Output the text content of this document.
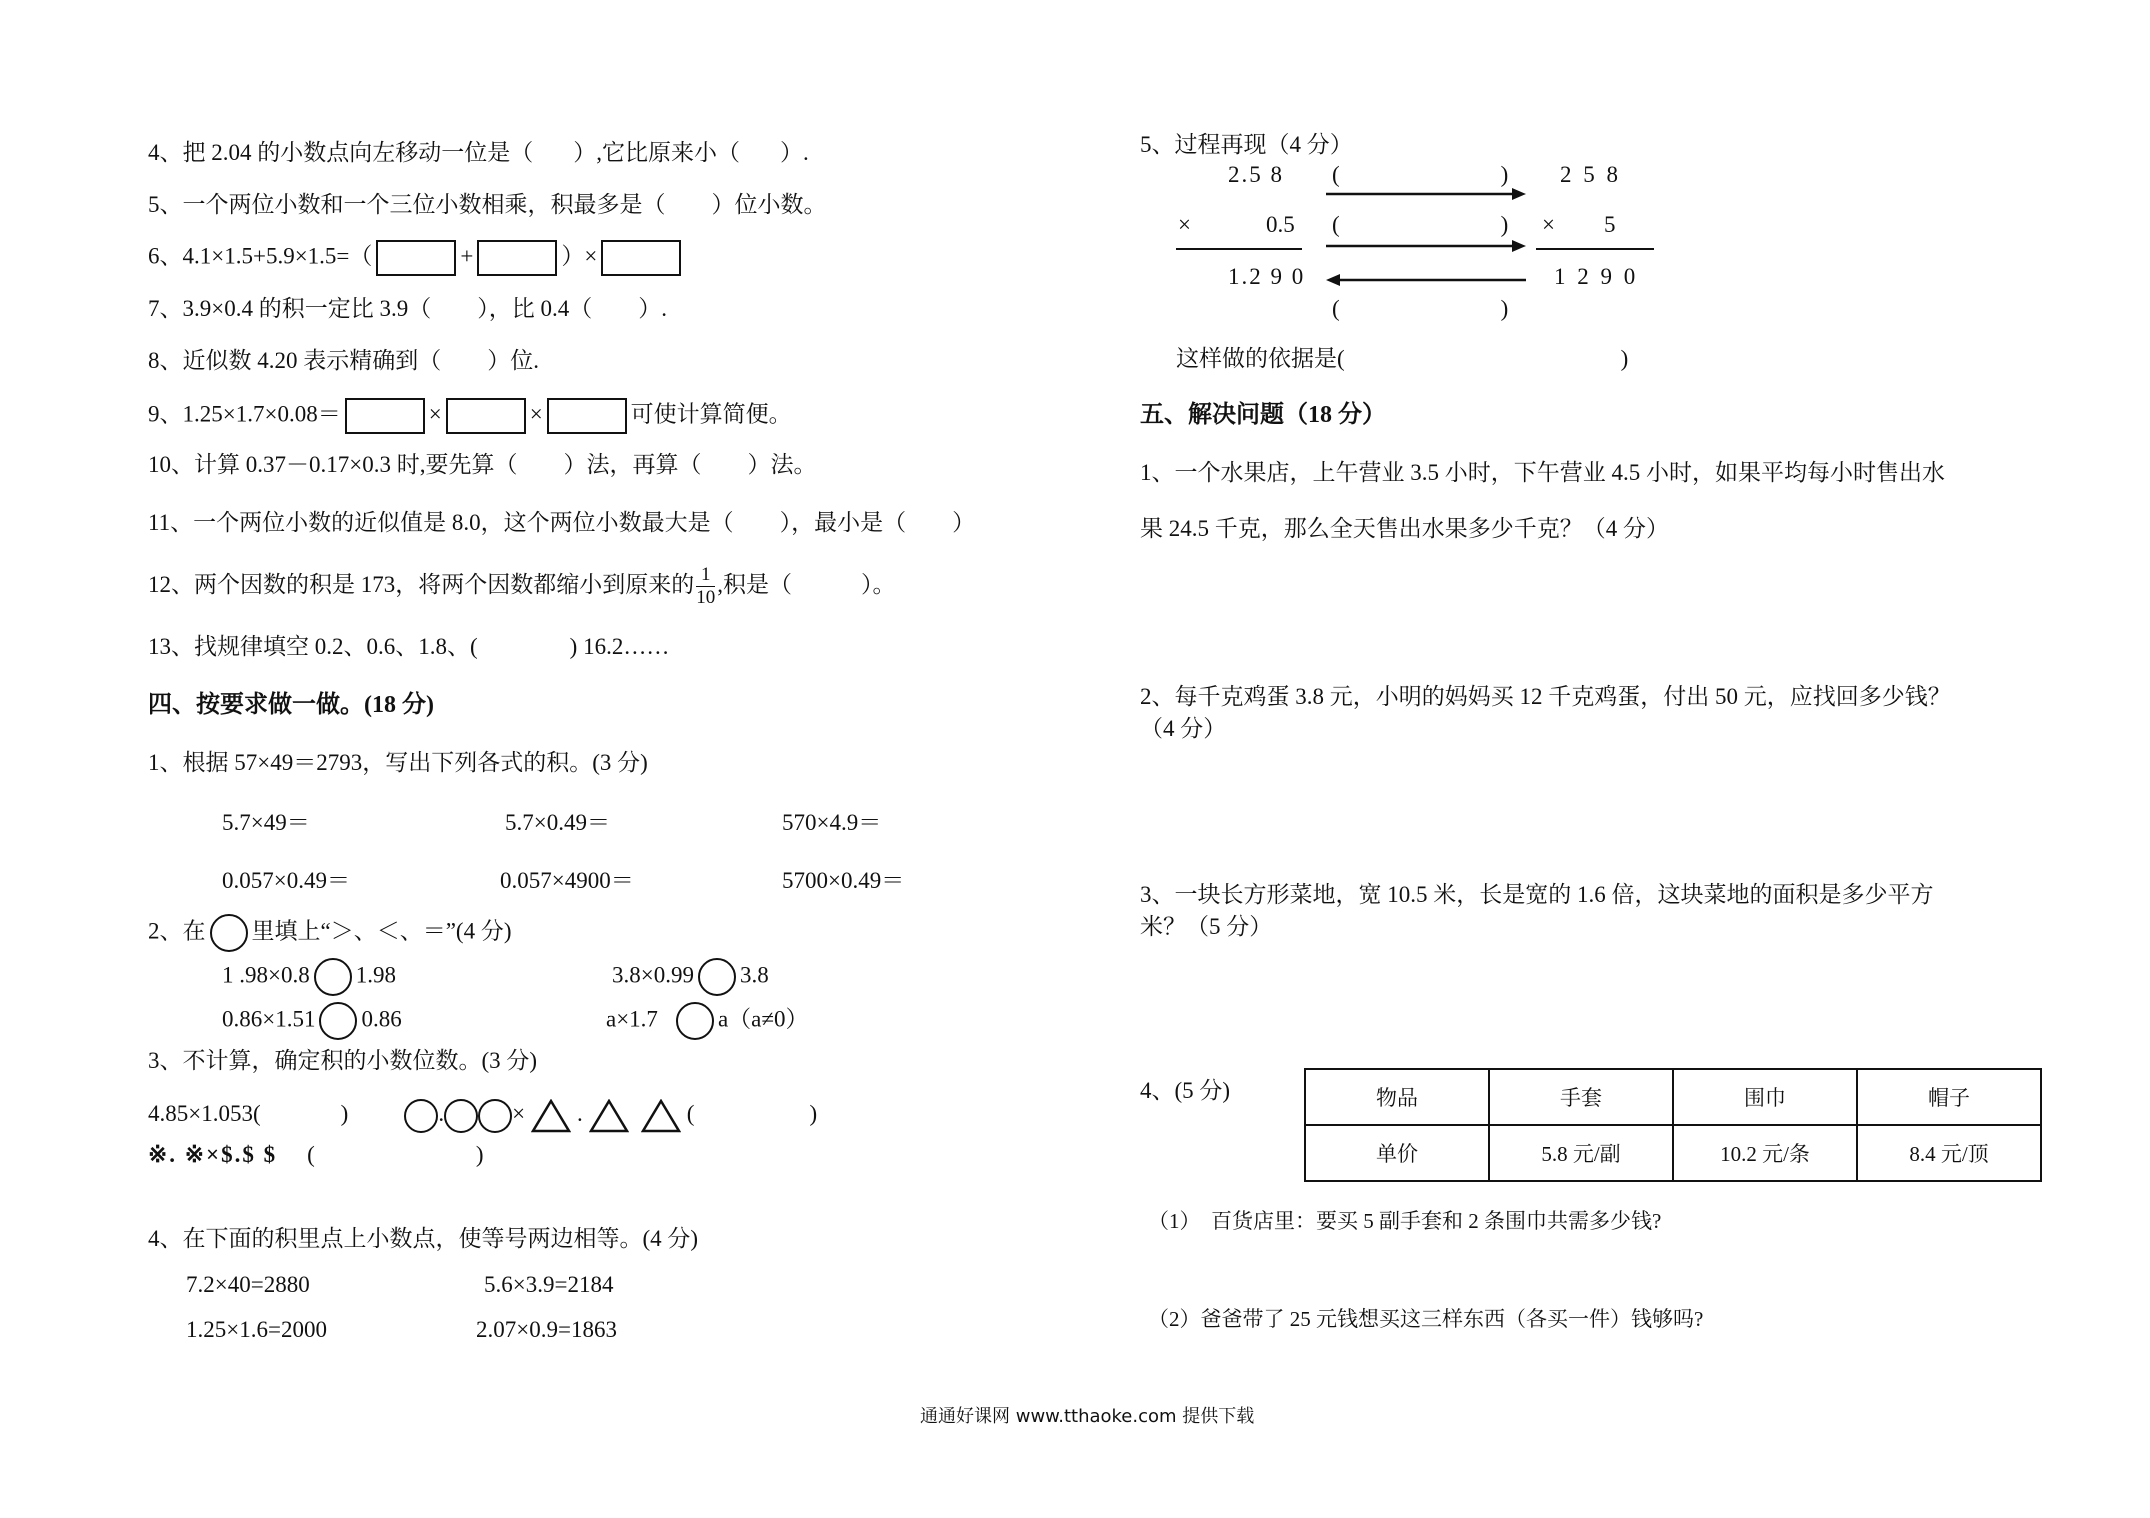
4、把 2.04 的小数点向左移动一位是（ ）,它比原来小（ ）.
5、一个两位小数和一个三位小数相乘，积最多是（　　）位小数。
6、4.1×1.5+5.9×1.5=（	+	）×
7、3.9×0.4 的积一定比 3.9（　　），比 0.4（　　）.
8、近似数 4.20 表示精确到（　　）位.
9、1.25×1.7×0.08＝	×	×	可使计算简便。
10、计算 0.37－0.17×0.3 时,要先算（　　）法，再算（　　）法。
11、一个两位小数的近似值是 8.0，这个两位小数最大是（　　），最小是（　　）
12、两个因数的积是 173，将两个因数都缩小到原来的 $\frac{1}{10}$ ,积是（　　　）。
13、找规律填空 0.2、0.6、1.8、(　　　　) 16.2……
四、按要求做一做。(18 分)
1、根据 57×49＝2793，写出下列各式的积。(3 分)
5.7×49＝	5.7×0.49＝	570×4.9＝
0.057×0.49＝	0.057×4900＝	5700×0.49＝
2、在 里填上“＞、＜、＝”(4 分)
1 .98×0.8 1.98	3.8×0.99 3.8
0.86×1.51 0.86	a×1.7	a（a≠0）
3、不计算，确定积的小数位数。(3 分)
4.85×1.053(	)	.	× .	(　　　　　)
※. ※×$.$ $ (　　　　　　　)
4、在下面的积里点上小数点，使等号两边相等。(4 分)
7.2×40=2880	5.6×3.9=2184
1.25×1.6=2000	2.07×0.9=1863
5、过程再现（4 分）
2.5 8
×	0.5
1.2 9 0
(　　　　　　　)
(　　　　　　　)
(　　　　　　　)
2 5 8
× 5
1 2 9 0
这样做的依据是(　　　　　　　　　　　　)
五、解决问题（18 分）
1、一个水果店，上午营业 3.5 小时，下午营业 4.5 小时，如果平均每小时售出水
果 24.5 千克，那么全天售出水果多少千克？（4 分）
2、每千克鸡蛋 3.8 元，小明的妈妈买 12 千克鸡蛋，付出 50 元，应找回多少钱？
（4 分）
3、一块长方形菜地，宽 10.5 米，长是宽的 1.6 倍，这块菜地的面积是多少平方
米？（5 分）
4、(5 分)	物品	手套	围巾	帽子
单价	5.8 元/副	10.2 元/条	8.4 元/顶
（1）　百货店里：要买 5 副手套和 2 条围巾共需多少钱?
（2）爸爸带了 25 元钱想买这三样东西（各买一件）钱够吗?
通通好课网 www.tthaoke.com 提供下载
